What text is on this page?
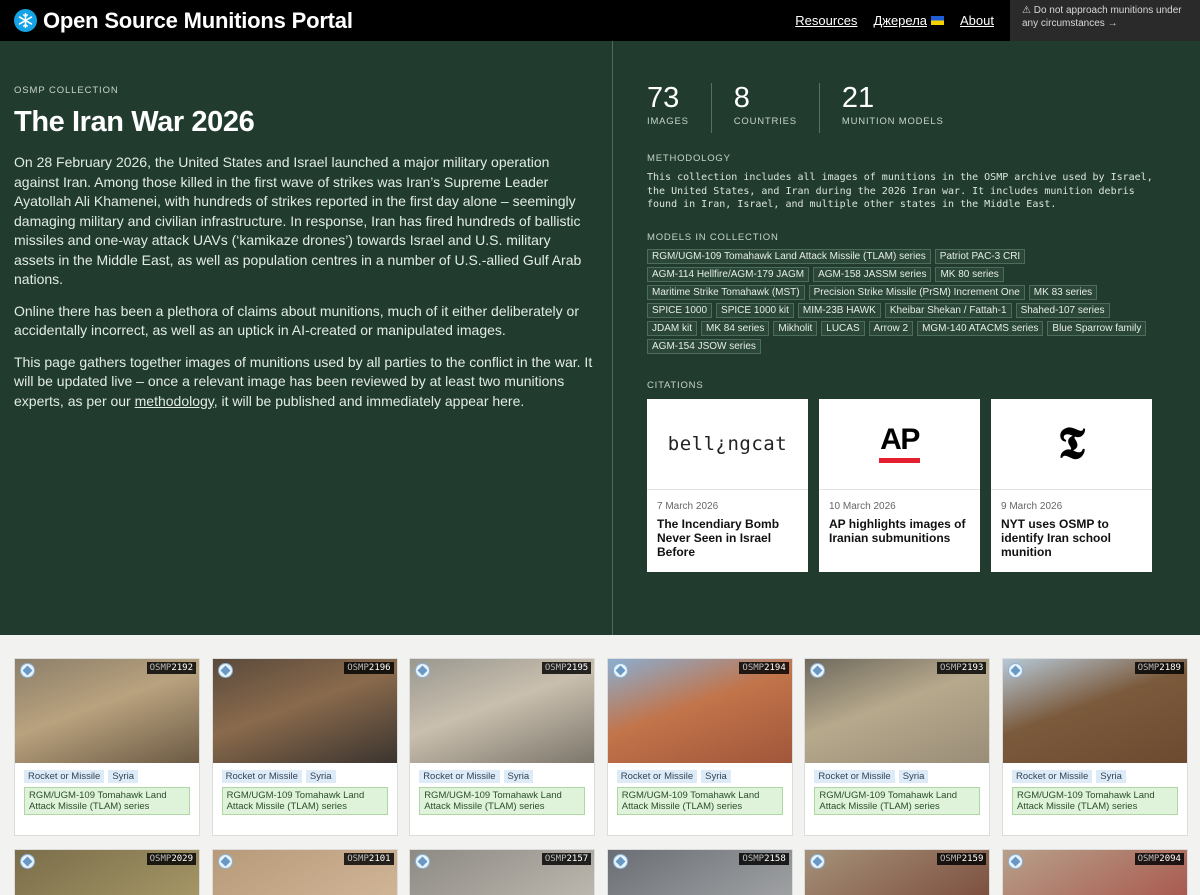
Open Source Munitions Portal	Resources Джерела	About
⚠ Do not approach munitions under any circumstances →
OSMP COLLECTION
The Iran War 2026

On 28 February 2026, the United States and Israel launched a major military operation against Iran. Among those killed in the first wave of strikes was Iran’s Supreme Leader Ayatollah Ali Khamenei, with hundreds of strikes reported in the first day alone – seemingly damaging military and civilian infrastructure. In response, Iran has fired hundreds of ballistic missiles and one-way attack UAVs (‘kamikaze drones’) towards Israel and U.S. military assets in the Middle East, as well as population centres in a number of U.S.-allied Gulf Arab nations.

Online there has been a plethora of claims about munitions, much of it either deliberately or accidentally incorrect, as well as an uptick in AI-created or manipulated images.

This page gathers together images of munitions used by all parties to the conflict in the war. It will be updated live – once a relevant image has been reviewed by at least two munitions experts, as per our methodology, it will be published and immediately appear here.

73
IMAGES
8
COUNTRIES
21
MUNITION MODELS
METHODOLOGY
This collection includes all images of munitions in the OSMP archive used by Israel, the United States, and Iran during the 2026 Iran war. It includes munition debris found in Iran, Israel, and multiple other states in the Middle East.
MODELS IN COLLECTION
RGM/UGM-109 Tomahawk Land Attack Missile (TLAM) series	Patriot PAC-3 CRI
AGM-114 Hellfire/AGM-179 JAGM	AGM-158 JASSM series	MK 80 series
Maritime Strike Tomahawk (MST)	Precision Strike Missile (PrSM) Increment One	MK 83 series
SPICE 1000	SPICE 1000 kit	MIM-23B HAWK	Kheibar Shekan / Fattah-1	Shahed-107 series
JDAM kit	MK 84 series	Mikholit	LUCAS	Arrow 2	MGM-140 ATACMS series	Blue Sparrow family
AGM-154 JSOW series
CITATIONS
bell¿ngcat
7 March 2026
The Incendiary Bomb Never Seen in Israel Before
AP
10 March 2026
AP highlights images of Iranian submunitions
𝕿
9 March 2026
NYT uses OSMP to identify Iran school munition
OSMP2192
Rocket or Missile	Syria
RGM/UGM-109 Tomahawk Land Attack Missile (TLAM) series
OSMP2196
Rocket or Missile	Syria
RGM/UGM-109 Tomahawk Land Attack Missile (TLAM) series
OSMP2195
Rocket or Missile	Syria
RGM/UGM-109 Tomahawk Land Attack Missile (TLAM) series
OSMP2194
Rocket or Missile	Syria
RGM/UGM-109 Tomahawk Land Attack Missile (TLAM) series
OSMP2193
Rocket or Missile	Syria
RGM/UGM-109 Tomahawk Land Attack Missile (TLAM) series
OSMP2189
Rocket or Missile	Syria
RGM/UGM-109 Tomahawk Land Attack Missile (TLAM) series
OSMP2029	OSMP2101	OSMP2157	OSMP2158	OSMP2159	OSMP2094
